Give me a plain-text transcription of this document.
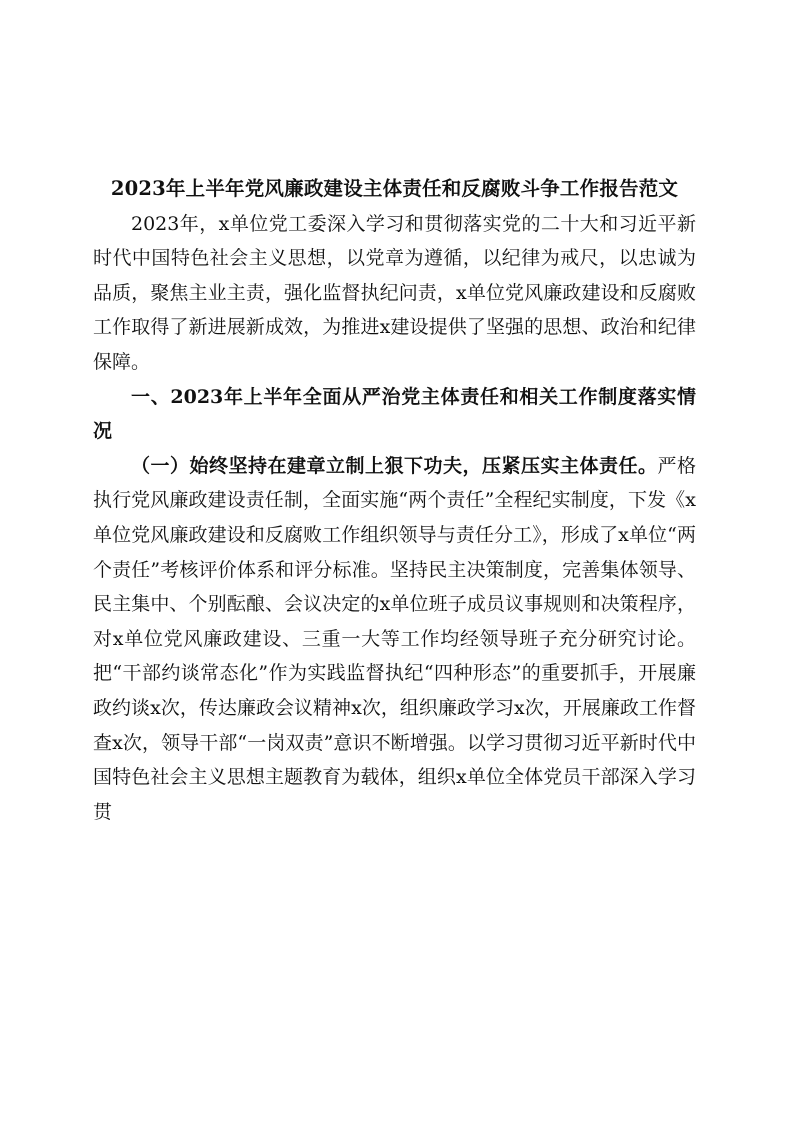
2023年上半年党风廉政建设主体责任和反腐败斗争工作报告范文

2023年，x单位党工委深入学习和贯彻落实党的二十大和习近平新时代中国特色社会主义思想，以党章为遵循，以纪律为戒尺，以忠诚为品质，聚焦主业主责，强化监督执纪问责，x单位党风廉政建设和反腐败工作取得了新进展新成效，为推进x建设提供了坚强的思想、政治和纪律保障。

一、2023年上半年全面从严治党主体责任和相关工作制度落实情况

（一）始终坚持在建章立制上狠下功夫，压紧压实主体责任。严格执行党风廉政建设责任制，全面实施“两个责任”全程纪实制度，下发《x单位党风廉政建设和反腐败工作组织领导与责任分工》，形成了x单位“两个责任”考核评价体系和评分标准。坚持民主决策制度，完善集体领导、民主集中、个别酝酿、会议决定的x单位班子成员议事规则和决策程序，对x单位党风廉政建设、三重一大等工作均经领导班子充分研究讨论。把“干部约谈常态化”作为实践监督执纪“四种形态”的重要抓手，开展廉政约谈x次，传达廉政会议精神x次，组织廉政学习x次，开展廉政工作督查x次，领导干部“一岗双责”意识不断增强。以学习贯彻习近平新时代中国特色社会主义思想主题教育为载体，组织x单位全体党员干部深入学习贯
